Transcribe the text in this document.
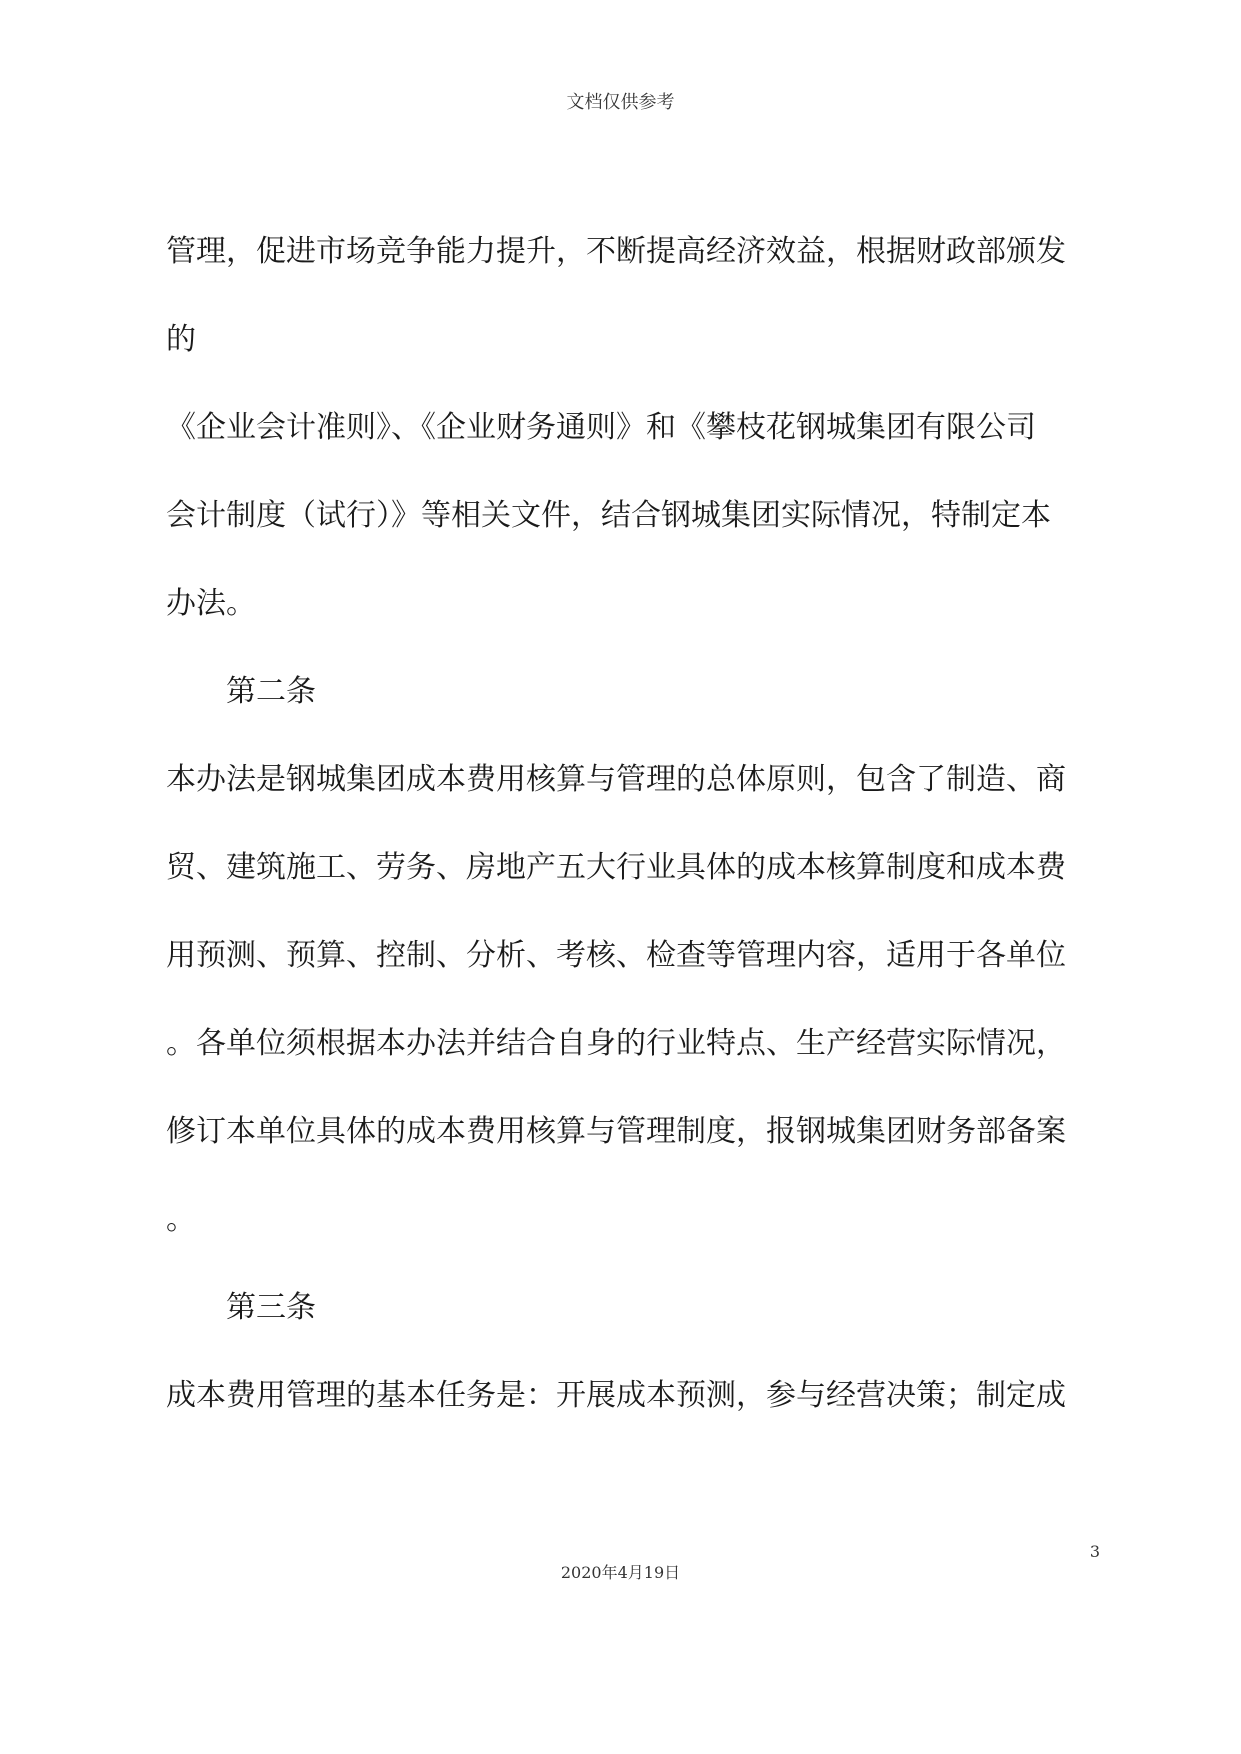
文档仅供参考
管理，促进市场竞争能力提升，不断提高经济效益，根据财政部颁发
的
《企业会计准则》、《企业财务通则》和《攀枝花钢城集团有限公司
会计制度（试行）》等相关文件，结合钢城集团实际情况，特制定本
办法。
第二条
本办法是钢城集团成本费用核算与管理的总体原则，包含了制造、商
贸、建筑施工、劳务、房地产五大行业具体的成本核算制度和成本费
用预测、预算、控制、分析、考核、检查等管理内容，适用于各单位
。各单位须根据本办法并结合自身的行业特点、生产经营实际情况，
修订本单位具体的成本费用核算与管理制度，报钢城集团财务部备案
。
第三条
成本费用管理的基本任务是：开展成本预测，参与经营决策；制定成
3
2020年4月19日
